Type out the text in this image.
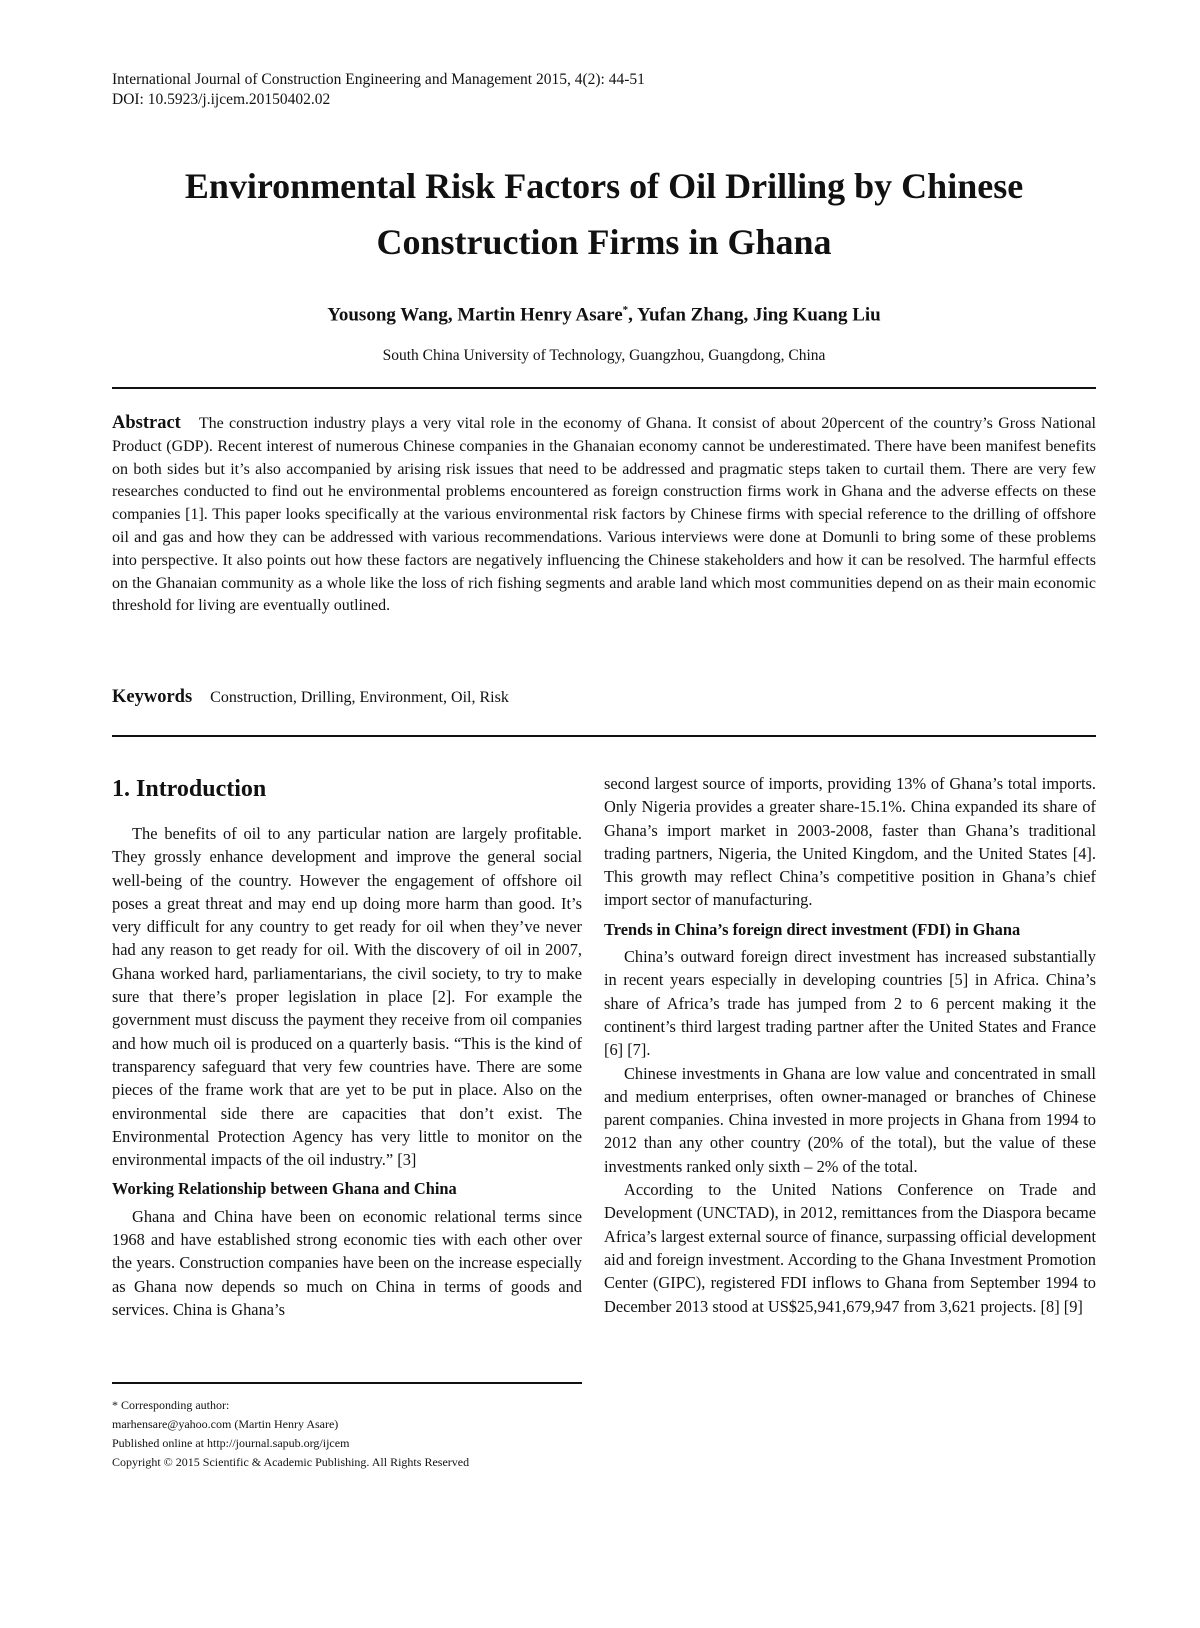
International Journal of Construction Engineering and Management 2015, 4(2): 44-51

DOI: 10.5923/j.ijcem.20150402.02

Environmental Risk Factors of Oil Drilling by Chinese
Construction Firms in Ghana
Yousong Wang, Martin Henry Asare*, Yufan Zhang, Jing Kuang Liu
South China University of Technology, Guangzhou, Guangdong, China

Abstract The construction industry plays a very vital role in the economy of Ghana. It consist of about 20percent of the country’s Gross National Product (GDP). Recent interest of numerous Chinese companies in the Ghanaian economy cannot be underestimated. There have been manifest benefits on both sides but it’s also accompanied by arising risk issues that need to be addressed and pragmatic steps taken to curtail them. There are very few researches conducted to find out he environmental problems encountered as foreign construction firms work in Ghana and the adverse effects on these companies [1]. This paper looks specifically at the various environmental risk factors by Chinese firms with special reference to the drilling of offshore oil and gas and how they can be addressed with various recommendations. Various interviews were done at Domunli to bring some of these problems into perspective. It also points out how these factors are negatively influencing the Chinese stakeholders and how it can be resolved. The harmful effects on the Ghanaian community as a whole like the loss of rich fishing segments and arable land which most communities depend on as their main economic threshold for living are eventually outlined.

Keywords Construction, Drilling, Environment, Oil, Risk
1. Introduction

The benefits of oil to any particular nation are largely profitable. They grossly enhance development and improve the general social well-being of the country. However the engagement of offshore oil poses a great threat and may end up doing more harm than good. It’s very difficult for any country to get ready for oil when they’ve never had any reason to get ready for oil. With the discovery of oil in 2007, Ghana worked hard, parliamentarians, the civil society, to try to make sure that there’s proper legislation in place [2]. For example the government must discuss the payment they receive from oil companies and how much oil is produced on a quarterly basis. “This is the kind of transparency safeguard that very few countries have. There are some pieces of the frame work that are yet to be put in place. Also on the environmental side there are capacities that don’t exist. The Environmental Protection Agency has very little to monitor on the environmental impacts of the oil industry.” [3]

Working Relationship between Ghana and China

Ghana and China have been on economic relational terms since 1968 and have established strong economic ties with each other over the years. Construction companies have been on the increase especially as Ghana now depends so much on China in terms of goods and services. China is Ghana’s

second largest source of imports, providing 13% of Ghana’s total imports. Only Nigeria provides a greater share-15.1%. China expanded its share of Ghana’s import market in 2003-2008, faster than Ghana’s traditional trading partners, Nigeria, the United Kingdom, and the United States [4]. This growth may reflect China’s competitive position in Ghana’s chief import sector of manufacturing.

Trends in China’s foreign direct investment (FDI) in Ghana

China’s outward foreign direct investment has increased substantially in recent years especially in developing countries [5] in Africa. China’s share of Africa’s trade has jumped from 2 to 6 percent making it the continent’s third largest trading partner after the United States and France [6] [7].

Chinese investments in Ghana are low value and concentrated in small and medium enterprises, often owner-managed or branches of Chinese parent companies. China invested in more projects in Ghana from 1994 to 2012 than any other country (20% of the total), but the value of these investments ranked only sixth – 2% of the total.

According to the United Nations Conference on Trade and Development (UNCTAD), in 2012, remittances from the Diaspora became Africa’s largest external source of finance, surpassing official development aid and foreign investment. According to the Ghana Investment Promotion Center (GIPC), registered FDI inflows to Ghana from September 1994 to December 2013 stood at US$25,941,679,947 from 3,621 projects. [8] [9]

* Corresponding author:
marhensare@yahoo.com (Martin Henry Asare)
Published online at http://journal.sapub.org/ijcem
Copyright © 2015 Scientific & Academic Publishing. All Rights Reserved
